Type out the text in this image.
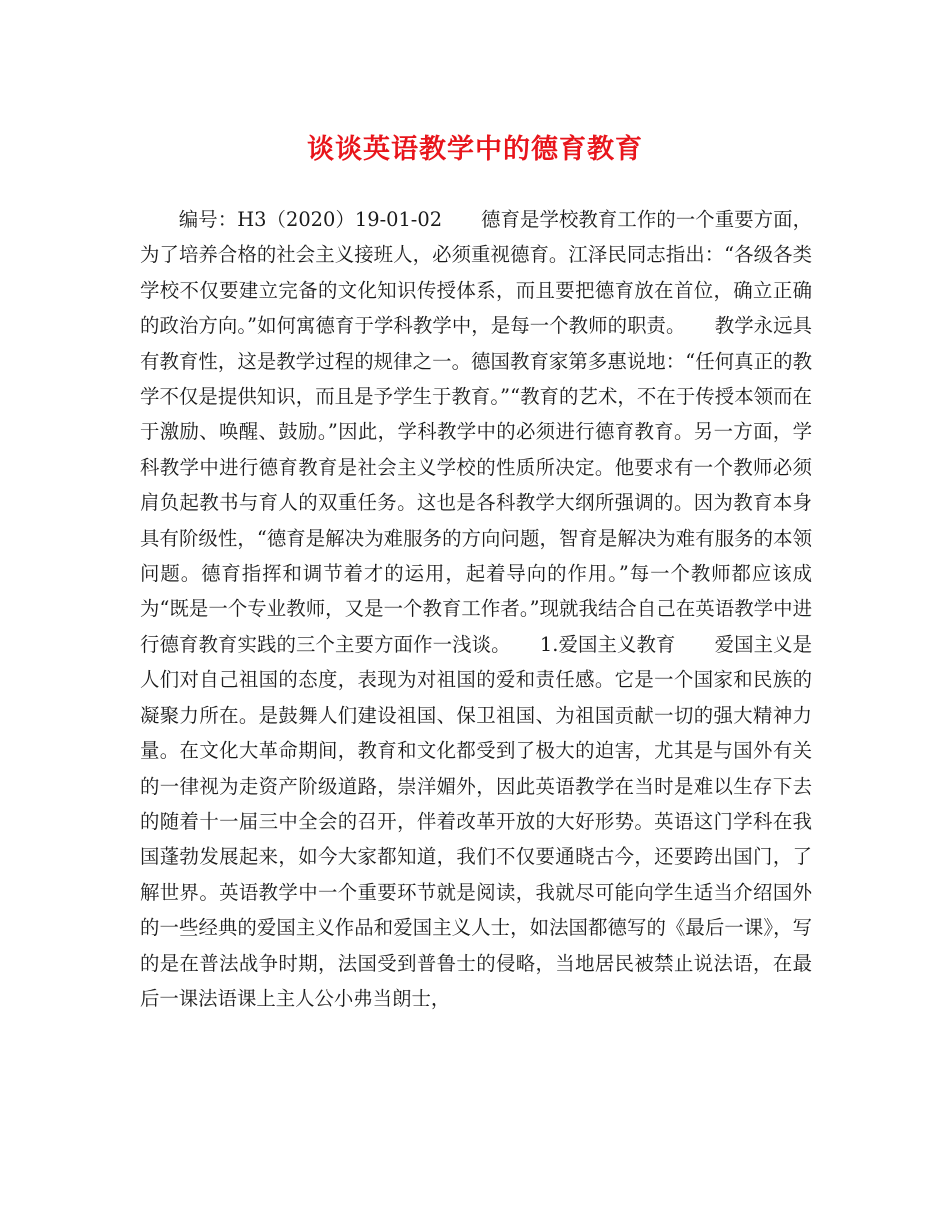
谈谈英语教学中的德育教育

编号：H3（2020）19-01-02　　德育是学校教育工作的一个重要方面，为了培养合格的社会主义接班人，必须重视德育。江泽民同志指出：“各级各类学校不仅要建立完备的文化知识传授体系，而且要把德育放在首位，确立正确的政治方向。”如何寓德育于学科教学中，是每一个教师的职责。　　教学永远具有教育性，这是教学过程的规律之一。德国教育家第多惠说地：“任何真正的教学不仅是提供知识，而且是予学生于教育。”“教育的艺术，不在于传授本领而在于激励、唤醒、鼓励。”因此，学科教学中的必须进行德育教育。另一方面，学科教学中进行德育教育是社会主义学校的性质所决定。他要求有一个教师必须肩负起教书与育人的双重任务。这也是各科教学大纲所强调的。因为教育本身具有阶级性，“德育是解决为难服务的方向问题，智育是解决为难有服务的本领问题。德育指挥和调节着才的运用，起着导向的作用。”每一个教师都应该成为“既是一个专业教师，又是一个教育工作者。”现就我结合自己在英语教学中进行德育教育实践的三个主要方面作一浅谈。　　1.爱国主义教育　　爱国主义是人们对自己祖国的态度，表现为对祖国的爱和责任感。它是一个国家和民族的凝聚力所在。是鼓舞人们建设祖国、保卫祖国、为祖国贡献一切的强大精神力量。在文化大革命期间，教育和文化都受到了极大的迫害，尤其是与国外有关的一律视为走资产阶级道路，崇洋媚外，因此英语教学在当时是难以生存下去的随着十一届三中全会的召开，伴着改革开放的大好形势。英语这门学科在我国蓬勃发展起来，如今大家都知道，我们不仅要通晓古今，还要跨出国门，了解世界。英语教学中一个重要环节就是阅读，我就尽可能向学生适当介绍国外的一些经典的爱国主义作品和爱国主义人士，如法国都德写的《最后一课》，写的是在普法战争时期，法国受到普鲁士的侵略，当地居民被禁止说法语，在最后一课法语课上主人公小弗当朗士，
